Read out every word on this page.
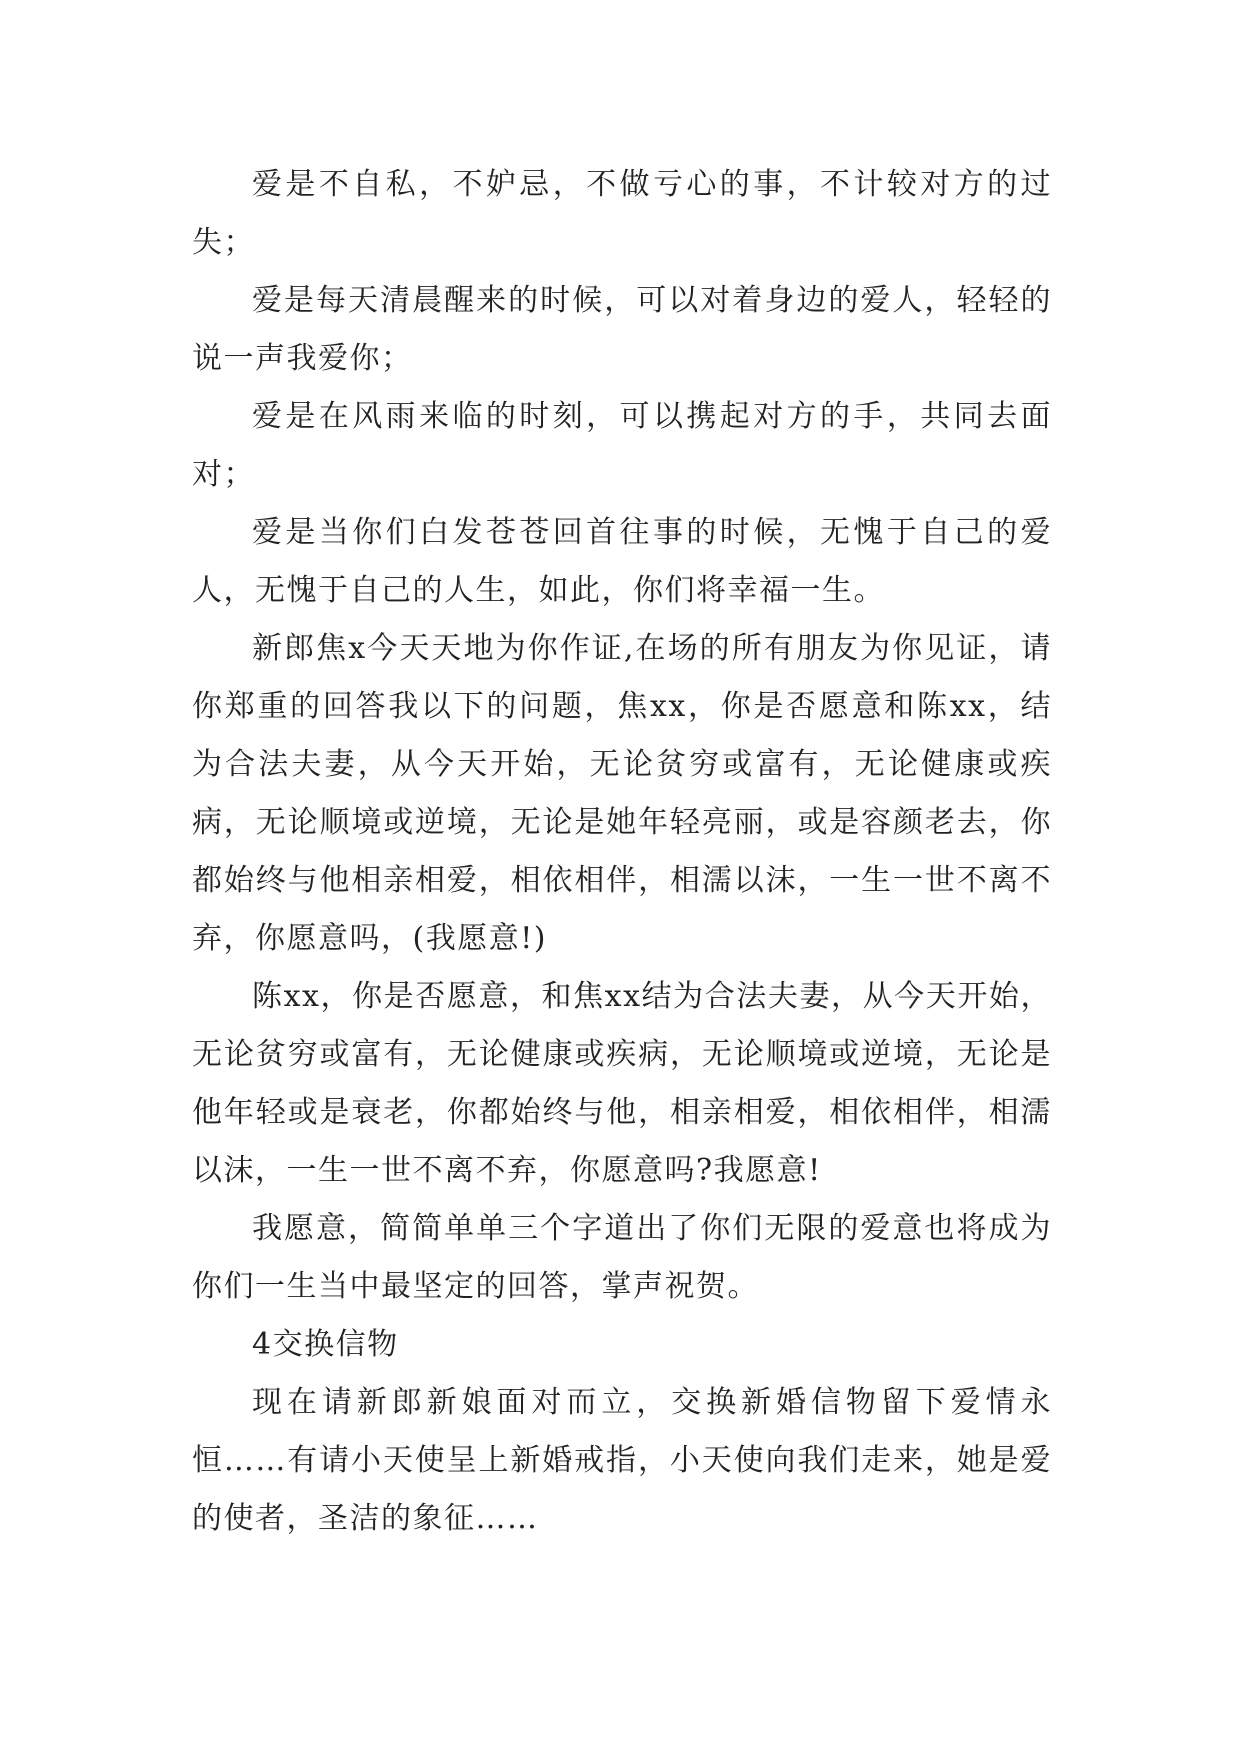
爱是不自私，不妒忌，不做亏心的事，不计较对方的过失；

爱是每天清晨醒来的时候，可以对着身边的爱人，轻轻的说一声我爱你；

爱是在风雨来临的时刻，可以携起对方的手，共同去面对；

爱是当你们白发苍苍回首往事的时候，无愧于自己的爱人，无愧于自己的人生，如此，你们将幸福一生。

新郎焦x今天天地为你作证,在场的所有朋友为你见证，请你郑重的回答我以下的问题，焦xx，你是否愿意和陈xx，结为合法夫妻，从今天开始，无论贫穷或富有，无论健康或疾病，无论顺境或逆境，无论是她年轻亮丽，或是容颜老去，你都始终与他相亲相爱，相依相伴，相濡以沫，一生一世不离不弃，你愿意吗，(我愿意!)

陈xx，你是否愿意，和焦xx结为合法夫妻，从今天开始，无论贫穷或富有，无论健康或疾病，无论顺境或逆境，无论是他年轻或是衰老，你都始终与他，相亲相爱，相依相伴，相濡以沫，一生一世不离不弃，你愿意吗?我愿意!

我愿意，简简单单三个字道出了你们无限的爱意也将成为你们一生当中最坚定的回答，掌声祝贺。

4交换信物

现在请新郎新娘面对而立，交换新婚信物留下爱情永恒……有请小天使呈上新婚戒指，小天使向我们走来，她是爱的使者，圣洁的象征……
